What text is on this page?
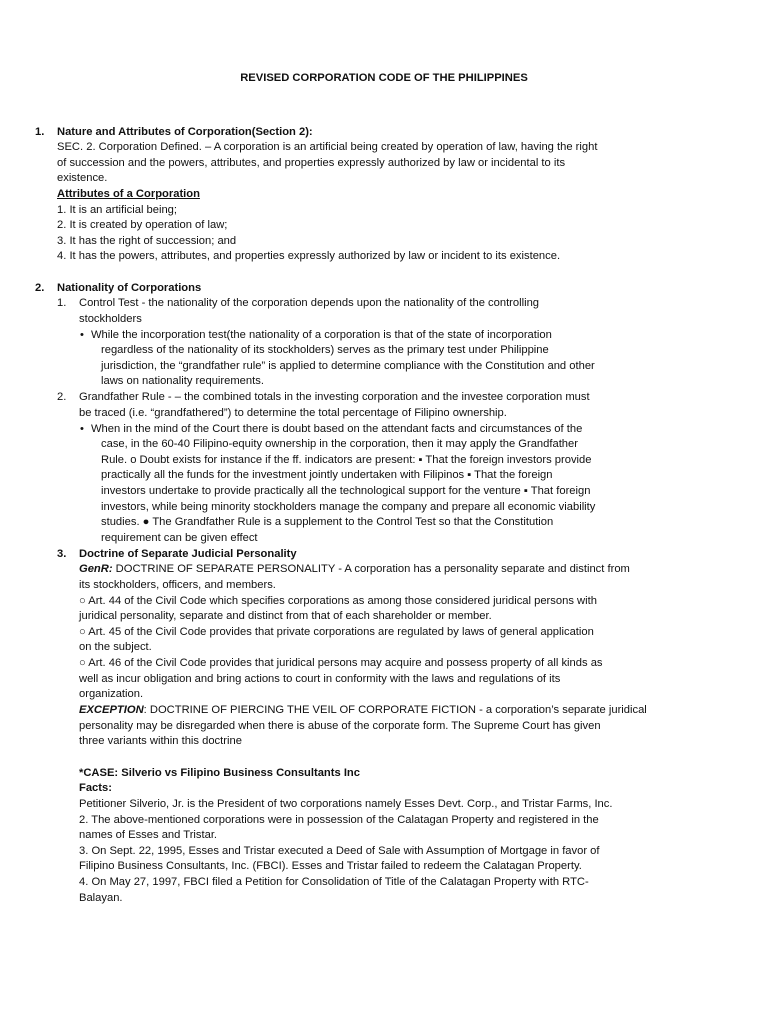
REVISED CORPORATION CODE OF THE PHILIPPINES
1. Nature and Attributes of Corporation(Section 2):
SEC. 2. Corporation Defined. – A corporation is an artificial being created by operation of law, having the right
of succession and the powers, attributes, and properties expressly authorized by law or incidental to its
existence.
Attributes of a Corporation
1. It is an artificial being;
2. It is created by operation of law;
3. It has the right of succession; and
4. It has the powers, attributes, and properties expressly authorized by law or incident to its existence.
2. Nationality of Corporations
1. Control Test - the nationality of the corporation depends upon the nationality of the controlling
stockholders
• While the incorporation test(the nationality of a corporation is that of the state of incorporation
regardless of the nationality of its stockholders) serves as the primary test under Philippine
jurisdiction, the “grandfather rule” is applied to determine compliance with the Constitution and other
laws on nationality requirements.
2. Grandfather Rule - – the combined totals in the investing corporation and the investee corporation must
be traced (i.e. “grandfathered”) to determine the total percentage of Filipino ownership.
• When in the mind of the Court there is doubt based on the attendant facts and circumstances of the
case, in the 60-40 Filipino-equity ownership in the corporation, then it may apply the Grandfather
Rule. o Doubt exists for instance if the ff. indicators are present: ▪ That the foreign investors provide
practically all the funds for the investment jointly undertaken with Filipinos ▪ That the foreign
investors undertake to provide practically all the technological support for the venture ▪ That foreign
investors, while being minority stockholders manage the company and prepare all economic viability
studies. ● The Grandfather Rule is a supplement to the Control Test so that the Constitution
requirement can be given effect
3. Doctrine of Separate Judicial Personality
GenR: DOCTRINE OF SEPARATE PERSONALITY - A corporation has a personality separate and distinct from
its stockholders, officers, and members.
○ Art. 44 of the Civil Code which specifies corporations as among those considered juridical persons with
juridical personality, separate and distinct from that of each shareholder or member.
○ Art. 45 of the Civil Code provides that private corporations are regulated by laws of general application
on the subject.
○ Art. 46 of the Civil Code provides that juridical persons may acquire and possess property of all kinds as
well as incur obligation and bring actions to court in conformity with the laws and regulations of its
organization.
EXCEPTION: DOCTRINE OF PIERCING THE VEIL OF CORPORATE FICTION - a corporation’s separate juridical
personality may be disregarded when there is abuse of the corporate form. The Supreme Court has given
three variants within this doctrine
*CASE: Silverio vs Filipino Business Consultants Inc
Facts:
Petitioner Silverio, Jr. is the President of two corporations namely Esses Devt. Corp., and Tristar Farms, Inc.
2. The above-mentioned corporations were in possession of the Calatagan Property and registered in the
names of Esses and Tristar.
3. On Sept. 22, 1995, Esses and Tristar executed a Deed of Sale with Assumption of Mortgage in favor of
Filipino Business Consultants, Inc. (FBCI). Esses and Tristar failed to redeem the Calatagan Property.
4. On May 27, 1997, FBCI filed a Petition for Consolidation of Title of the Calatagan Property with RTC-
Balayan.
